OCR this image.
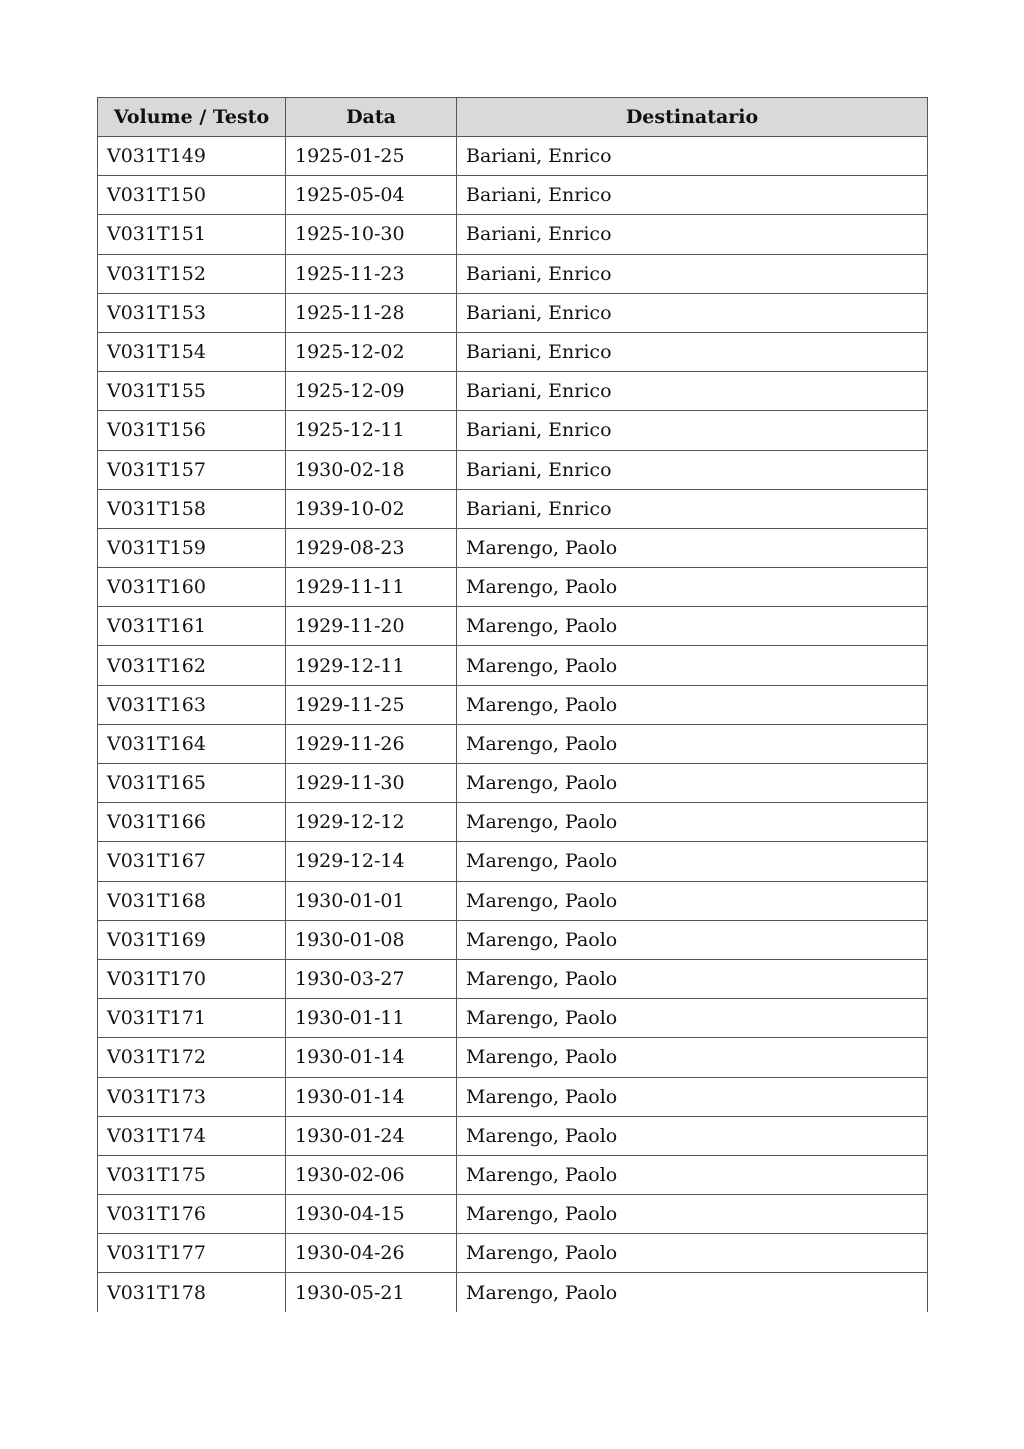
Volume / Testo	Data	Destinatario
V031T149	1925-01-25	Bariani, Enrico
V031T150	1925-05-04	Bariani, Enrico
V031T151	1925-10-30	Bariani, Enrico
V031T152	1925-11-23	Bariani, Enrico
V031T153	1925-11-28	Bariani, Enrico
V031T154	1925-12-02	Bariani, Enrico
V031T155	1925-12-09	Bariani, Enrico
V031T156	1925-12-11	Bariani, Enrico
V031T157	1930-02-18	Bariani, Enrico
V031T158	1939-10-02	Bariani, Enrico
V031T159	1929-08-23	Marengo, Paolo
V031T160	1929-11-11	Marengo, Paolo
V031T161	1929-11-20	Marengo, Paolo
V031T162	1929-12-11	Marengo, Paolo
V031T163	1929-11-25	Marengo, Paolo
V031T164	1929-11-26	Marengo, Paolo
V031T165	1929-11-30	Marengo, Paolo
V031T166	1929-12-12	Marengo, Paolo
V031T167	1929-12-14	Marengo, Paolo
V031T168	1930-01-01	Marengo, Paolo
V031T169	1930-01-08	Marengo, Paolo
V031T170	1930-03-27	Marengo, Paolo
V031T171	1930-01-11	Marengo, Paolo
V031T172	1930-01-14	Marengo, Paolo
V031T173	1930-01-14	Marengo, Paolo
V031T174	1930-01-24	Marengo, Paolo
V031T175	1930-02-06	Marengo, Paolo
V031T176	1930-04-15	Marengo, Paolo
V031T177	1930-04-26	Marengo, Paolo
V031T178	1930-05-21	Marengo, Paolo
